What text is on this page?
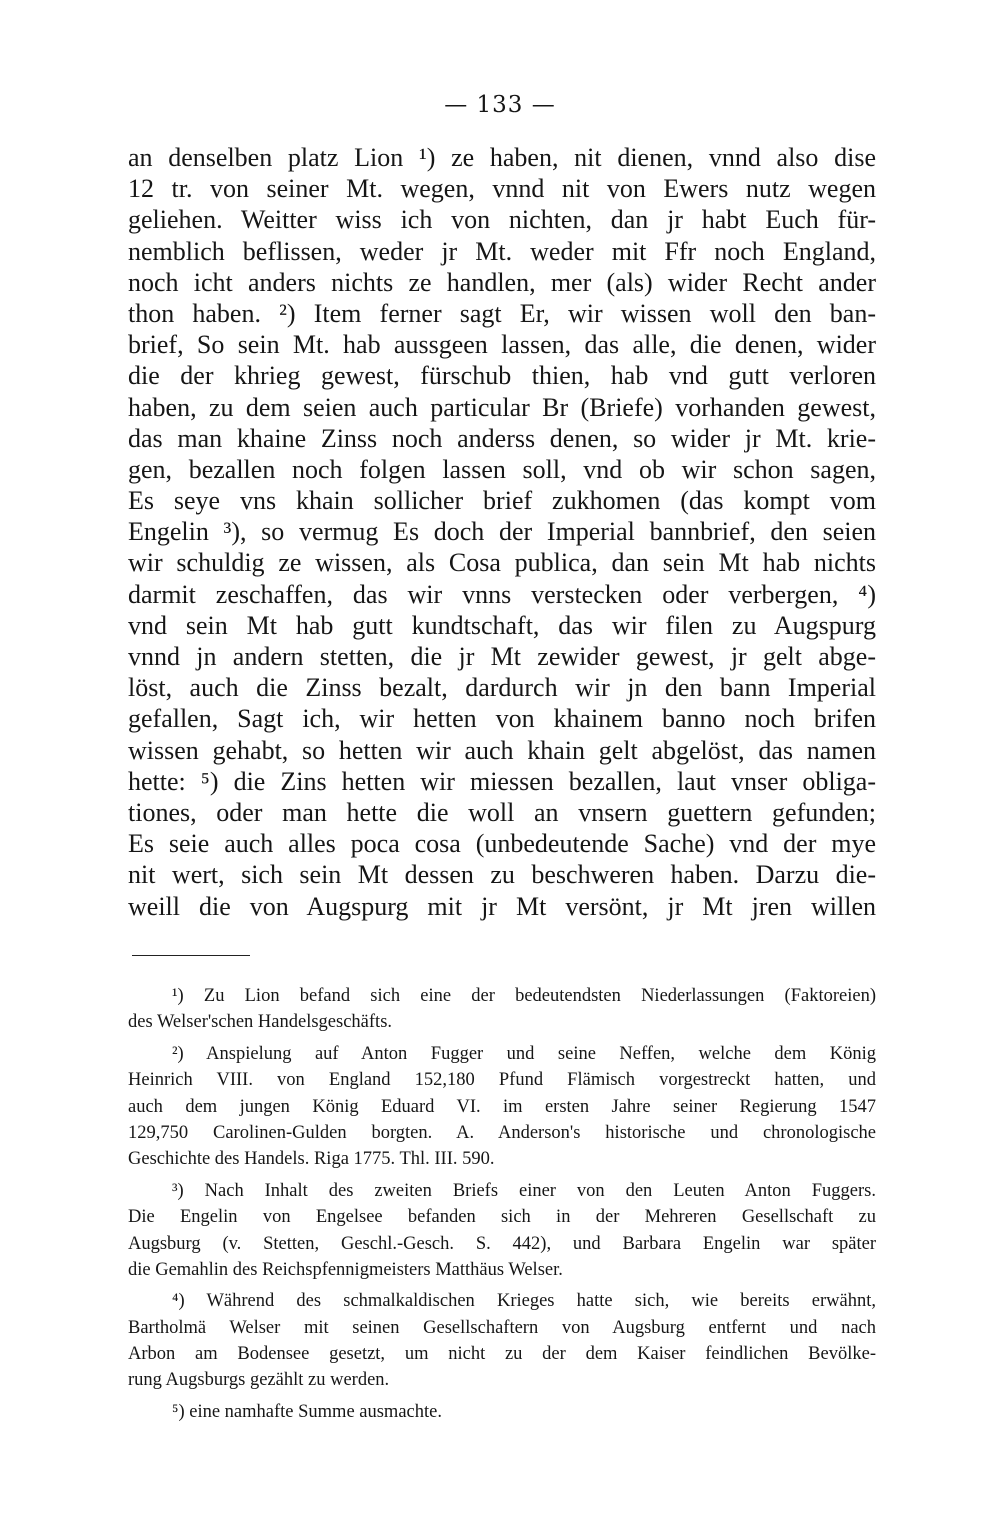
— 133 —
an denselben platz Lion ¹) ze haben, nit dienen, vnnd also dise
12 tr. von seiner Mt. wegen, vnnd nit von Ewers nutz wegen
geliehen. Weitter wiss ich von nichten, dan jr habt Euch für-
nemblich beflissen, weder jr Mt. weder mit Ffr noch England,
noch icht anders nichts ze handlen, mer (als) wider Recht ander
thon haben. ²) Item ferner sagt Er, wir wissen woll den ban-
brief, So sein Mt. hab aussgeen lassen, das alle, die denen, wider
die der khrieg gewest, fürschub thien, hab vnd gutt verloren
haben, zu dem seien auch particular Br (Briefe) vorhanden gewest,
das man khaine Zinss noch anderss denen, so wider jr Mt. krie-
gen, bezallen noch folgen lassen soll, vnd ob wir schon sagen,
Es seye vns khain sollicher brief zukhomen (das kompt vom
Engelin ³), so vermug Es doch der Imperial bannbrief, den seien
wir schuldig ze wissen, als Cosa publica, dan sein Mt hab nichts
darmit zeschaffen, das wir vnns verstecken oder verbergen, ⁴)
vnd sein Mt hab gutt kundtschaft, das wir filen zu Augspurg
vnnd jn andern stetten, die jr Mt zewider gewest, jr gelt abge-
löst, auch die Zinss bezalt, dardurch wir jn den bann Imperial
gefallen, Sagt ich, wir hetten von khainem banno noch brifen
wissen gehabt, so hetten wir auch khain gelt abgelöst, das namen
hette: ⁵) die Zins hetten wir miessen bezallen, laut vnser obliga-
tiones, oder man hette die woll an vnsern guettern gefunden;
Es seie auch alles poca cosa (unbedeutende Sache) vnd der mye
nit wert, sich sein Mt dessen zu beschweren haben. Darzu die-
weill die von Augspurg mit jr Mt versönt, jr Mt jren willen
¹) Zu Lion befand sich eine der bedeutendsten Niederlassungen (Faktoreien)
des Welser'schen Handelsgeschäfts.
²) Anspielung auf Anton Fugger und seine Neffen, welche dem König
Heinrich VIII. von England 152,180 Pfund Flämisch vorgestreckt hatten, und
auch dem jungen König Eduard VI. im ersten Jahre seiner Regierung 1547
129,750 Carolinen-Gulden borgten. A. Anderson's historische und chronologische
Geschichte des Handels. Riga 1775. Thl. III. 590.
³) Nach Inhalt des zweiten Briefs einer von den Leuten Anton Fuggers.
Die Engelin von Engelsee befanden sich in der Mehreren Gesellschaft zu
Augsburg (v. Stetten, Geschl.-Gesch. S. 442), und Barbara Engelin war später
die Gemahlin des Reichspfennigmeisters Matthäus Welser.
⁴) Während des schmalkaldischen Krieges hatte sich, wie bereits erwähnt,
Bartholmä Welser mit seinen Gesellschaftern von Augsburg entfernt und nach
Arbon am Bodensee gesetzt, um nicht zu der dem Kaiser feindlichen Bevölke-
rung Augsburgs gezählt zu werden.
⁵) eine namhafte Summe ausmachte.
